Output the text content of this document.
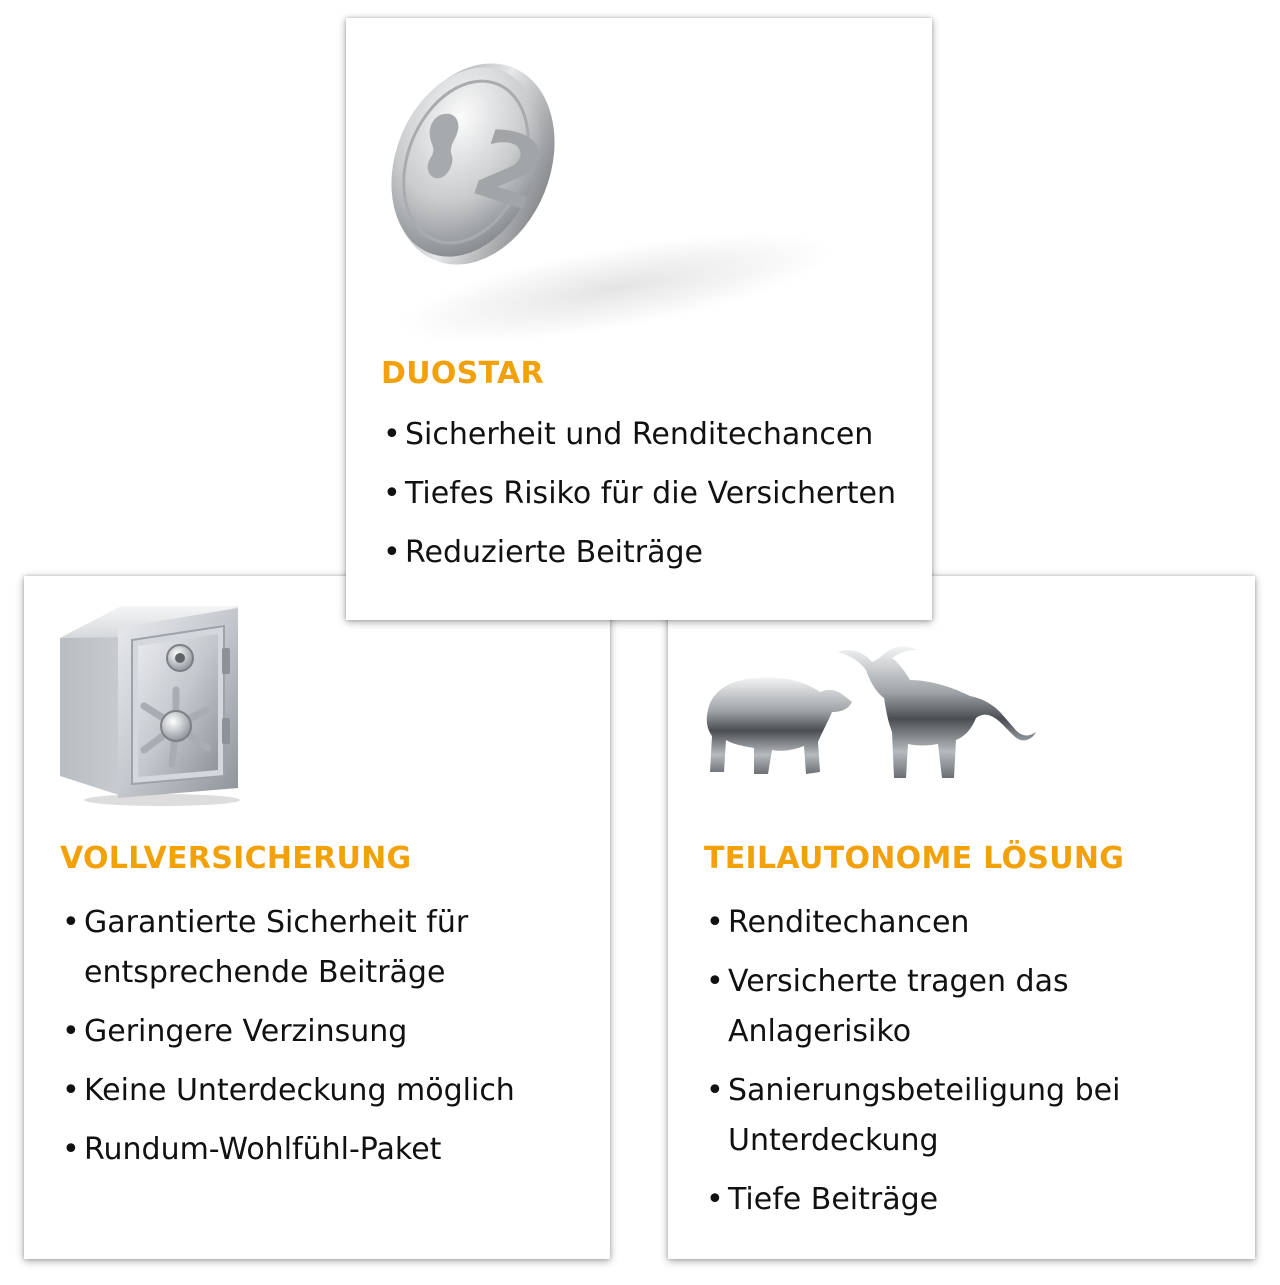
VOLLVERSICHERUNG
• Garantierte Sicherheit für
entsprechende Beiträge
• Geringere Verzinsung
• Keine Unterdeckung möglich
• Rundum-Wohlfühl-Paket
TEILAUTONOME LÖSUNG
• Renditechancen
• Versicherte tragen das
Anlagerisiko
• Sanierungsbeteiligung bei
Unterdeckung
• Tiefe Beiträge
2
DUOSTAR
• Sicherheit und Renditechancen
• Tiefes Risiko für die Versicherten
• Reduzierte Beiträge
